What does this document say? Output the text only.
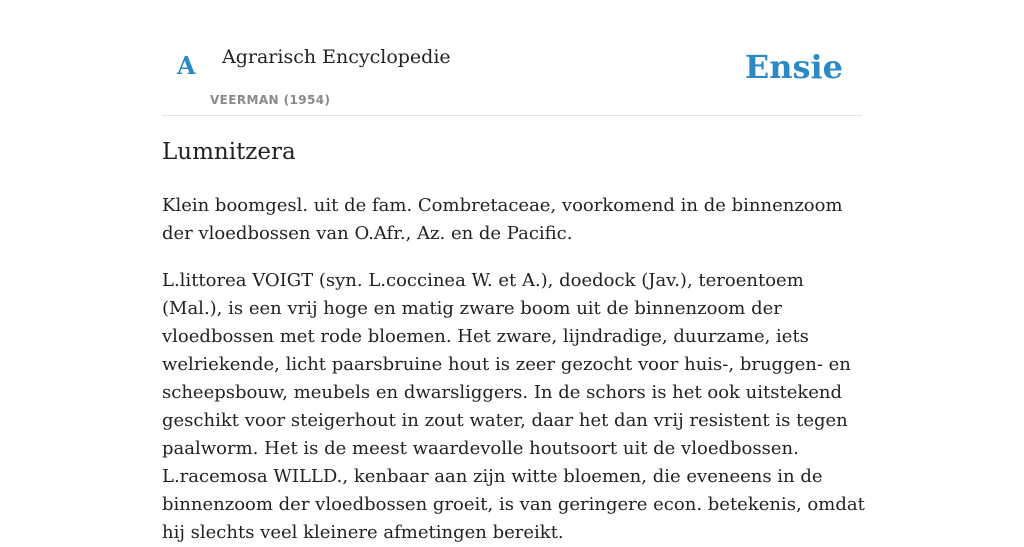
A Agrarisch Encyclopedie
VEERMAN (1954)
Ensie
Lumnitzera

Klein boomgesl. uit de fam. Combretaceae, voorkomend in de binnenzoom der vloedbossen van O.Afr., Az. en de Pacific.

L.littorea VOIGT (syn. L.coccinea W. et A.), doedock (Jav.), teroentoem (Mal.), is een vrij hoge en matig zware boom uit de binnenzoom der vloedbossen met rode bloemen. Het zware, lijndradige, duurzame, iets welriekende, licht paarsbruine hout is zeer gezocht voor huis-, bruggen- en scheepsbouw, meubels en dwarsliggers. In de schors is het ook uitstekend geschikt voor steigerhout in zout water, daar het dan vrij resistent is tegen paalworm. Het is de meest waardevolle houtsoort uit de vloedbossen. L.racemosa WILLD., kenbaar aan zijn witte bloemen, die eveneens in de binnenzoom der vloedbossen groeit, is van geringere econ. betekenis, omdat hij slechts veel kleinere afmetingen bereikt.
